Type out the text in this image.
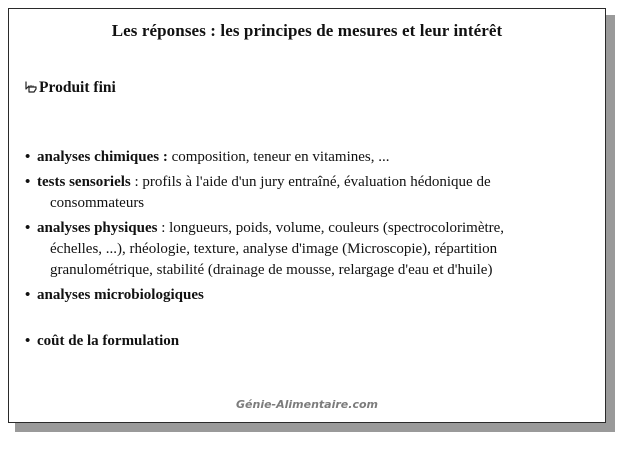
Les réponses : les principes de mesures et leur intérêt
Produit fini
• analyses chimiques : composition, teneur en vitamines, ...
• tests sensoriels : profils à l'aide d'un jury entraîné, évaluation hédonique de
consommateurs
• analyses physiques : longueurs, poids, volume, couleurs (spectrocolorimètre,
échelles, ...), rhéologie, texture, analyse d'image (Microscopie), répartition
granulométrique, stabilité (drainage de mousse, relargage d'eau et d'huile)
• analyses microbiologiques
• coût de la formulation
Génie-Alimentaire.com
